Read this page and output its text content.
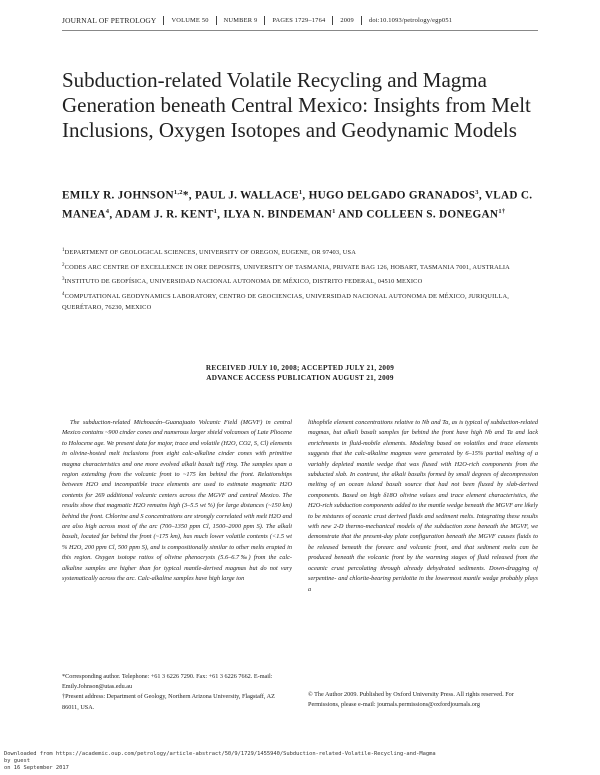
JOURNAL OF PETROLOGY	VOLUME 50	NUMBER 9	PAGES 1729–1764	2009	doi:10.1093/petrology/egp051
Subduction-related Volatile Recycling and Magma Generation beneath Central Mexico: Insights from Melt Inclusions, Oxygen Isotopes and Geodynamic Models

EMILY R. JOHNSON$^{1,2}$*, PAUL J. WALLACE$^1$, HUGO DELGADO GRANADOS$^3$, VLAD C. MANEA$^4$, ADAM J. R. KENT$^1$, ILYA N. BINDEMAN$^1$ AND COLLEEN S. $DONEGAN^{1\dagger}$

$^1$DEPARTMENT OF GEOLOGICAL SCIENCES, UNIVERSITY OF OREGON, EUGENE, OR 97403, USA
$^2$CODES ARC CENTRE OF EXCELLENCE IN ORE DEPOSITS, UNIVERSITY OF TASMANIA, PRIVATE BAG 126, HOBART, TASMANIA 7001, AUSTRALIA
$^3$INSTITUTO DE GEOFÍSICA, UNIVERSIDAD NACIONAL AUTONOMA DE MÉXICO, DISTRITO FEDERAL, 04510 MEXICO
$^4$COMPUTATIONAL GEODYNAMICS LABORATORY, CENTRO DE GEOCIENCIAS, UNIVERSIDAD NACIONAL AUTONOMA DE MÉXICO, JURIQUILLA, QUERÉTARO, 76230, MEXICO
RECEIVED JULY 10, 2008; ACCEPTED JULY 21, 2009
ADVANCE ACCESS PUBLICATION AUGUST 21, 2009

The subduction-related Michoacán–Guanajuato Volcanic Field (MGVF) in central Mexico contains ~900 cinder cones and numerous larger shield volcanoes of Late Pliocene to Holocene age. We present data for major, trace and volatile (H2O, CO2, S, Cl) elements in olivine-hosted melt inclusions from eight calc-alkaline cinder cones with primitive magma characteristics and one more evolved alkali basalt tuff ring. The samples span a region extending from the volcanic front to ~175 km behind the front. Relationships between H2O and incompatible trace elements are used to estimate magmatic H2O contents for 269 additional volcanic centers across the MGVF and central Mexico. The results show that magmatic H2O remains high (3–5.5 wt %) for large distances (~150 km) behind the front. Chlorine and S concentrations are strongly correlated with melt H2O and are also high across most of the arc (700–1350 ppm Cl, 1500–2000 ppm S). The alkali basalt, located far behind the front (~175 km), has much lower volatile contents (<1.5 wt % H2O, 200 ppm Cl, 500 ppm S), and is compositionally similar to other melts erupted in this region. Oxygen isotope ratios of olivine phenocrysts (5.6–6.7‰) from the calc-alkaline samples are higher than for typical mantle-derived magmas but do not vary systematically across the arc. Calc-alkaline samples have high large ion

lithophile element concentrations relative to Nb and Ta, as is typical of subduction-related magmas, but alkali basalt samples far behind the front have high Nb and Ta and lack enrichments in fluid-mobile elements. Modeling based on volatiles and trace elements suggests that the calc-alkaline magmas were generated by 6–15% partial melting of a variably depleted mantle wedge that was fluxed with H2O-rich components from the subducted slab. In contrast, the alkali basalts formed by small degrees of decompression melting of an ocean island basalt source that had not been fluxed by slab-derived components. Based on high δ18O olivine values and trace element characteristics, the H2O-rich subduction components added to the mantle wedge beneath the MGVF are likely to be mixtures of oceanic crust derived fluids and sediment melts. Integrating these results with new 2-D thermo-mechanical models of the subduction zone beneath the MGVF, we demonstrate that the present-day plate configuration beneath the MGVF causes fluids to be released beneath the forearc and volcanic front, and that sediment melts can be produced beneath the volcanic front by the warming stages of fluid released from the oceanic crust percolating through already dehydrated sediments. Down-dragging of serpentine- and chlorite-bearing peridotite in the lowermost mantle wedge probably plays a

*Corresponding author. Telephone: +61 3 6226 7290. Fax: +61 3 6226 7662. E-mail: Emily.Johnson@utas.edu.au
†Present address: Department of Geology, Northern Arizona University, Flagstaff, AZ 86011, USA.

© The Author 2009. Published by Oxford University Press. All rights reserved. For Permissions, please e-mail: journals.permissions@oxfordjournals.org

Downloaded from https://academic.oup.com/petrology/article-abstract/50/9/1729/1455940/Subduction-related-Volatile-Recycling-and-Magma
by guest
on 16 September 2017
